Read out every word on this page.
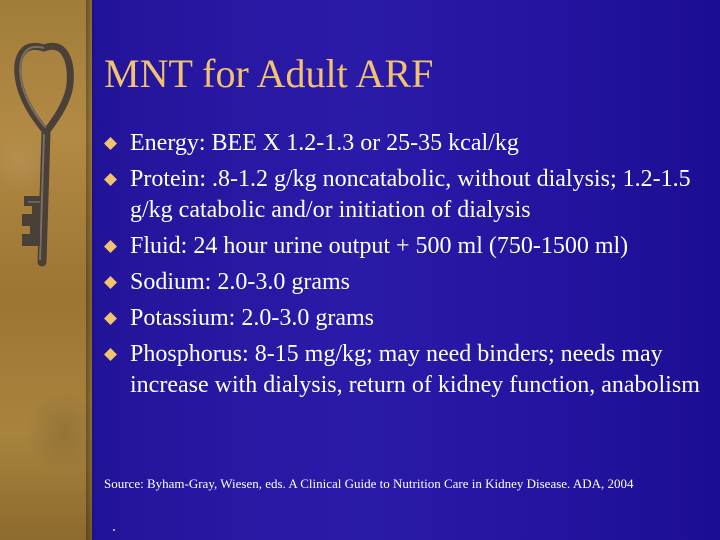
MNT for Adult ARF
Energy: BEE X 1.2-1.3 or 25-35 kcal/kg
Protein: .8-1.2 g/kg noncatabolic, without dialysis; 1.2-1.5 g/kg catabolic and/or initiation of dialysis
Fluid: 24 hour urine output + 500 ml (750-1500 ml)
Sodium: 2.0-3.0 grams
Potassium: 2.0-3.0 grams
Phosphorus: 8-15 mg/kg; may need binders; needs may increase with dialysis, return of kidney function, anabolism
Source: Byham-Gray, Wiesen, eds. A Clinical Guide to Nutrition Care in Kidney Disease. ADA, 2004
